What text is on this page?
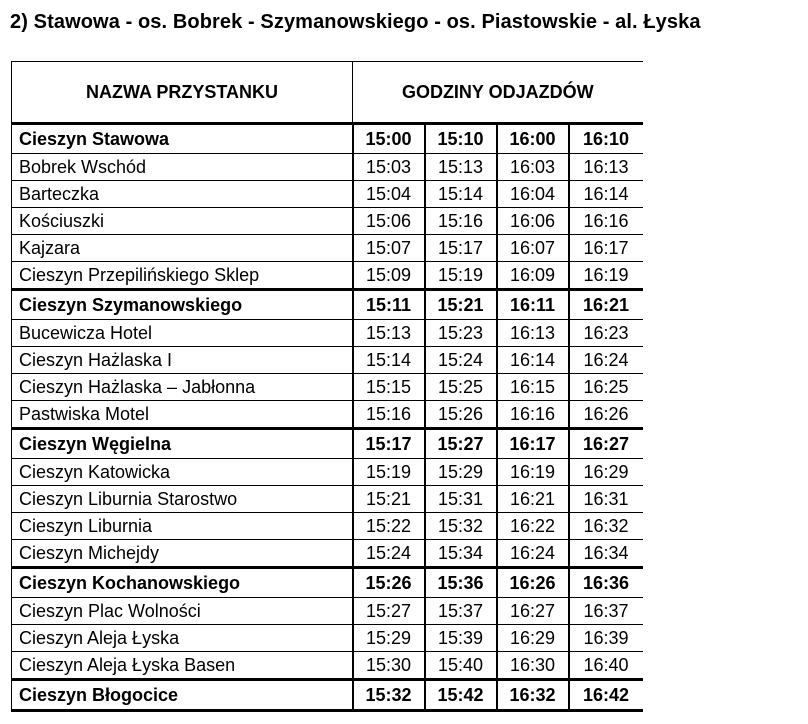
2) Stawowa - os. Bobrek - Szymanowskiego - os. Piastowskie - al. Łyska
NAZWA PRZYSTANKU	GODZINY ODJAZDÓW			
Cieszyn Stawowa	15:00	15:10	16:00	16:10
Bobrek Wschód	15:03	15:13	16:03	16:13
Barteczka	15:04	15:14	16:04	16:14
Kościuszki	15:06	15:16	16:06	16:16
Kajzara	15:07	15:17	16:07	16:17
Cieszyn Przepilińskiego Sklep	15:09	15:19	16:09	16:19
Cieszyn Szymanowskiego	15:11	15:21	16:11	16:21
Bucewicza Hotel	15:13	15:23	16:13	16:23
Cieszyn Hażlaska I	15:14	15:24	16:14	16:24
Cieszyn Hażlaska – Jabłonna	15:15	15:25	16:15	16:25
Pastwiska Motel	15:16	15:26	16:16	16:26
Cieszyn Węgielna	15:17	15:27	16:17	16:27
Cieszyn Katowicka	15:19	15:29	16:19	16:29
Cieszyn Liburnia Starostwo	15:21	15:31	16:21	16:31
Cieszyn Liburnia	15:22	15:32	16:22	16:32
Cieszyn Michejdy	15:24	15:34	16:24	16:34
Cieszyn Kochanowskiego	15:26	15:36	16:26	16:36
Cieszyn Plac Wolności	15:27	15:37	16:27	16:37
Cieszyn Aleja Łyska	15:29	15:39	16:29	16:39
Cieszyn Aleja Łyska Basen	15:30	15:40	16:30	16:40
Cieszyn Błogocice	15:32	15:42	16:32	16:42
